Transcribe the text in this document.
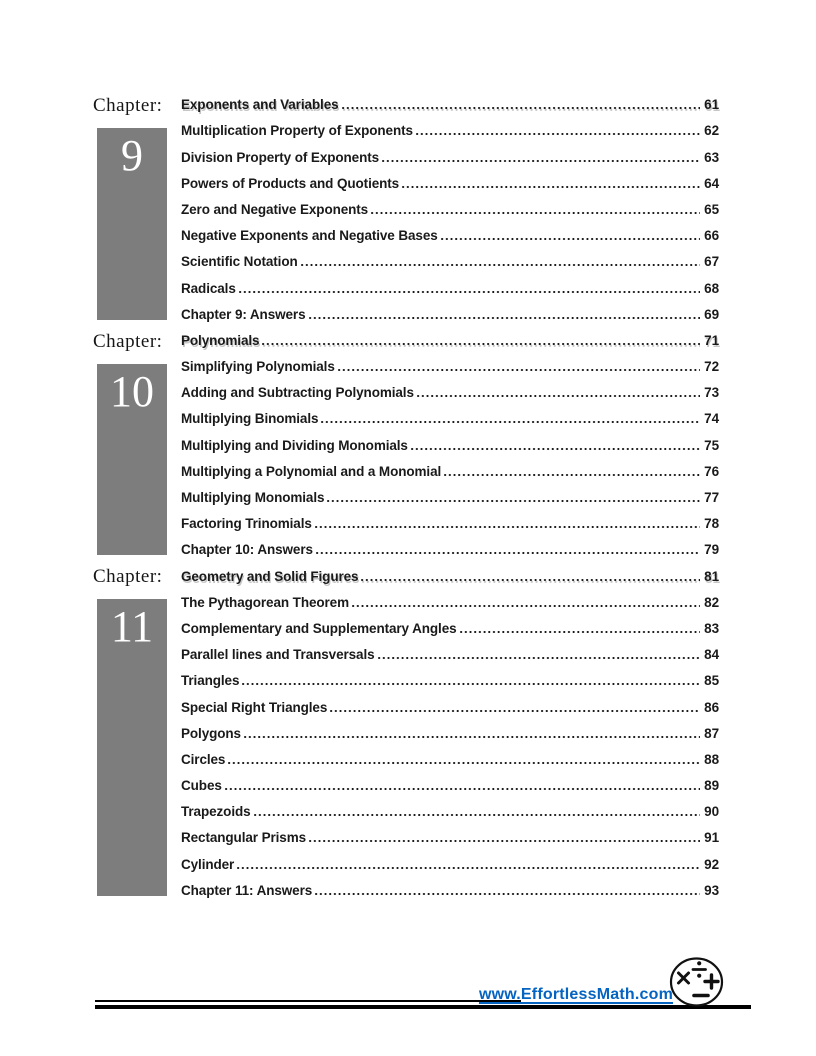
Chapter:
9
Exponents and Variables	61
Multiplication Property of Exponents	62
Division Property of Exponents	63
Powers of Products and Quotients	64
Zero and Negative Exponents	65
Negative Exponents and Negative Bases	66
Scientific Notation	67
Radicals	68
Chapter 9: Answers	69
Chapter:
10
Polynomials	71
Simplifying Polynomials	72
Adding and Subtracting Polynomials	73
Multiplying Binomials	74
Multiplying and Dividing Monomials	75
Multiplying a Polynomial and a Monomial	76
Multiplying Monomials	77
Factoring Trinomials	78
Chapter 10: Answers	79
Chapter:
11
Geometry and Solid Figures	81
The Pythagorean Theorem	82
Complementary and Supplementary Angles	83
Parallel lines and Transversals	84
Triangles	85
Special Right Triangles	86
Polygons	87
Circles	88
Cubes	89
Trapezoids	90
Rectangular Prisms	91
Cylinder	92
Chapter 11: Answers	93
www.EffortlessMath.com
